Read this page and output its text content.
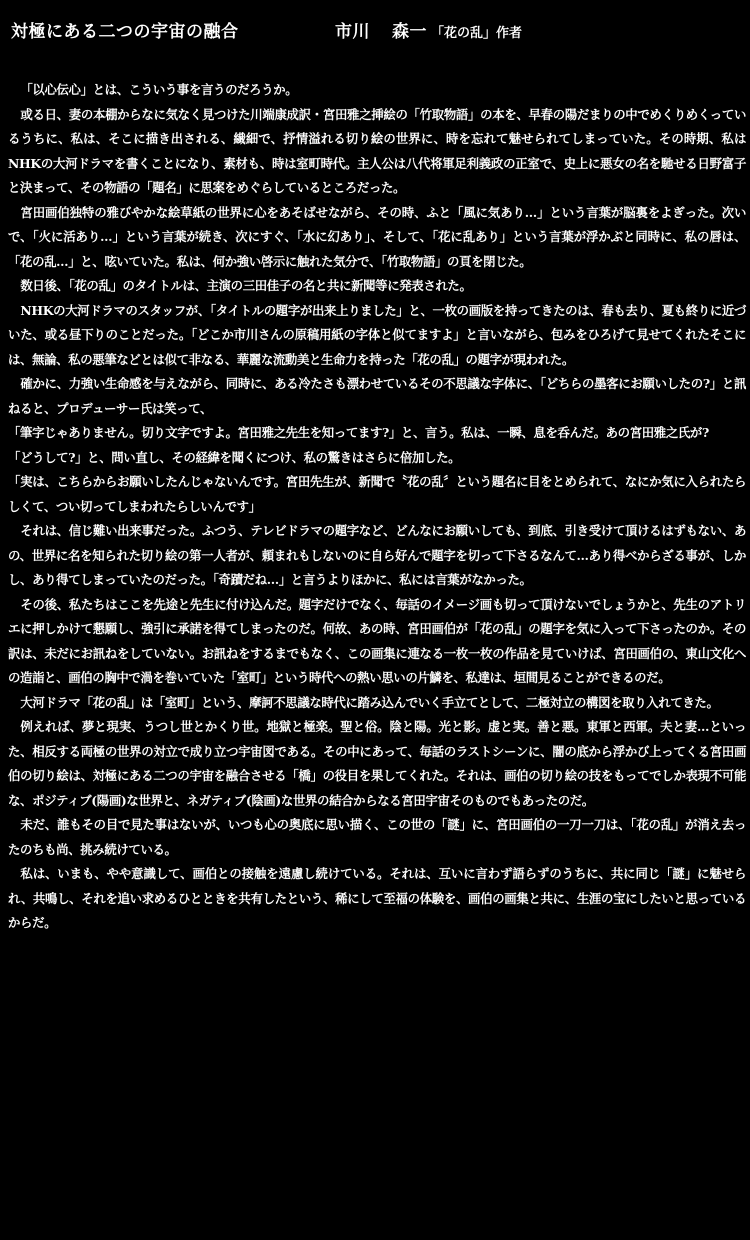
対極にある二つの宇宙の融合	市川 森一 「花の乱」作者

「以心伝心」とは、こういう事を言うのだろうか。

或る日、妻の本棚からなに気なく見つけた川端康成訳・宮田雅之挿絵の「竹取物語」の本を、早春の陽だまりの中でめくりめくっているうちに、私は、そこに描き出される、繊細で、抒情溢れる切り絵の世界に、時を忘れて魅せられてしまっていた。その時期、私はNHKの大河ドラマを書くことになり、素材も、時は室町時代。主人公は八代将軍足利義政の正室で、史上に悪女の名を馳せる日野富子と決まって、その物語の「題名」に思案をめぐらしているところだった。

宮田画伯独特の雅びやかな絵草紙の世界に心をあそばせながら、その時、ふと「風に気あり…」という言葉が脳裏をよぎった。次いで、「火に活あり…」という言葉が続き、次にすぐ、「水に幻あり」、そして、「花に乱あり」という言葉が浮かぶと同時に、私の唇は、「花の乱…」と、呟いていた。私は、何か強い啓示に触れた気分で、「竹取物語」の頁を閉じた。

数日後、「花の乱」のタイトルは、主演の三田佳子の名と共に新聞等に発表された。

NHKの大河ドラマのスタッフが、「タイトルの題字が出来上りました」と、一枚の画版を持ってきたのは、春も去り、夏も終りに近づいた、或る昼下りのことだった。「どこか市川さんの原稿用紙の字体と似てますよ」と言いながら、包みをひろげて見せてくれたそこには、無論、私の悪筆などとは似て非なる、華麗な流動美と生命力を持った「花の乱」の題字が現われた。

確かに、力強い生命感を与えながら、同時に、ある冷たさも漂わせているその不思議な字体に、「どちらの墨客にお願いしたの?」と訊ねると、プロデューサー氏は笑って、

「筆字じゃありません。切り文字ですよ。宮田雅之先生を知ってます?」と、言う。私は、一瞬、息を呑んだ。あの宮田雅之氏が?

「どうして?」と、問い直し、その経緯を聞くにつけ、私の驚きはさらに倍加した。

「実は、こちらからお願いしたんじゃないんです。宮田先生が、新聞で〝花の乱〞という題名に目をとめられて、なにか気に入られたらしくて、つい切ってしまわれたらしいんです」

それは、信じ難い出来事だった。ふつう、テレビドラマの題字など、どんなにお願いしても、到底、引き受けて頂けるはずもない、あの、世界に名を知られた切り絵の第一人者が、頼まれもしないのに自ら好んで題字を切って下さるなんて…あり得べからざる事が、しかし、あり得てしまっていたのだった。「奇蹟だね…」と言うよりほかに、私には言葉がなかった。

その後、私たちはここを先途と先生に付け込んだ。題字だけでなく、毎話のイメージ画も切って頂けないでしょうかと、先生のアトリエに押しかけて懇願し、強引に承諾を得てしまったのだ。何故、あの時、宮田画伯が「花の乱」の題字を気に入って下さったのか。その訳は、未だにお訊ねをしていない。お訊ねをするまでもなく、この画集に連なる一枚一枚の作品を見ていけば、宮田画伯の、東山文化への造詣と、画伯の胸中で渦を巻いていた「室町」という時代への熱い思いの片鱗を、私達は、垣間見ることができるのだ。

大河ドラマ「花の乱」は「室町」という、摩訶不思議な時代に踏み込んでいく手立てとして、二極対立の構図を取り入れてきた。

例えれば、夢と現実、うつし世とかくり世。地獄と極楽。聖と俗。陰と陽。光と影。虚と実。善と悪。東軍と西軍。夫と妻…といった、相反する両極の世界の対立で成り立つ宇宙図である。その中にあって、毎話のラストシーンに、闇の底から浮かび上ってくる宮田画伯の切り絵は、対極にある二つの宇宙を融合させる「橋」の役目を果してくれた。それは、画伯の切り絵の技をもってでしか表現不可能な、ポジティブ(陽画)な世界と、ネガティブ(陰画)な世界の結合からなる宮田宇宙そのものでもあったのだ。

未だ、誰もその目で見た事はないが、いつも心の奥底に思い描く、この世の「謎」に、宮田画伯の一刀一刀は、「花の乱」が消え去ったのちも尚、挑み続けている。

私は、いまも、やや意識して、画伯との接触を遠慮し続けている。それは、互いに言わず語らずのうちに、共に同じ「謎」に魅せられ、共鳴し、それを追い求めるひとときを共有したという、稀にして至福の体験を、画伯の画集と共に、生涯の宝にしたいと思っているからだ。
